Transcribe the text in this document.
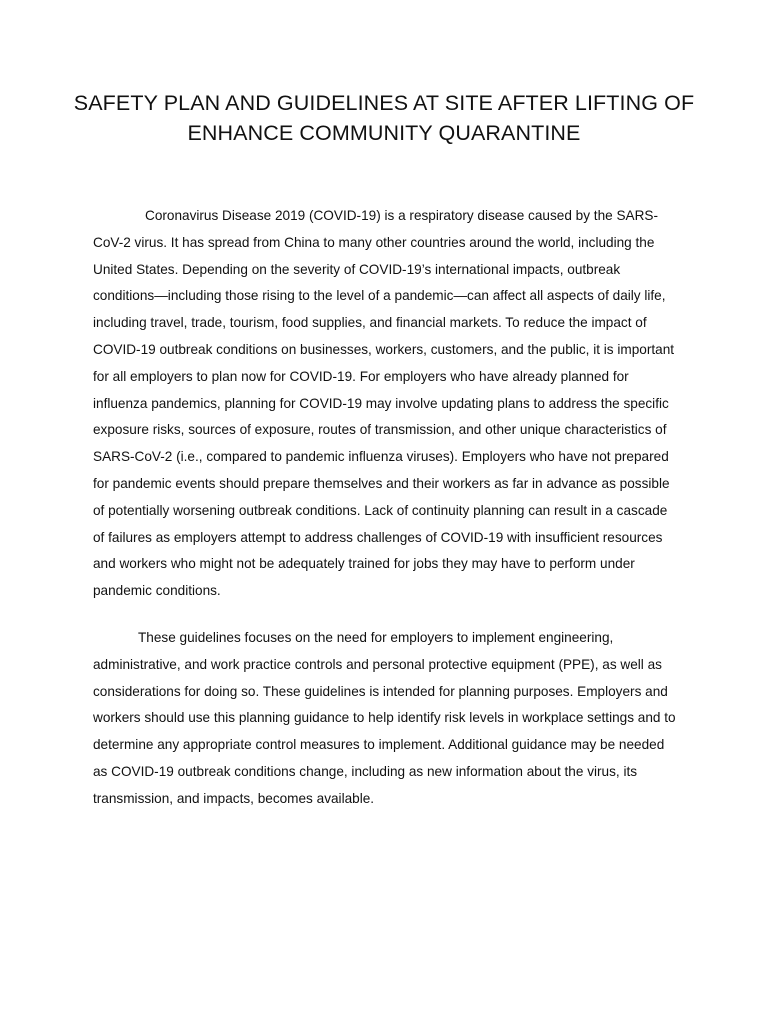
SAFETY PLAN AND GUIDELINES AT SITE AFTER LIFTING OF ENHANCE COMMUNITY QUARANTINE

Coronavirus Disease 2019 (COVID-19) is a respiratory disease caused by the SARS-CoV-2 virus. It has spread from China to many other countries around the world, including the United States. Depending on the severity of COVID-19’s international impacts, outbreak conditions—including those rising to the level of a pandemic—can affect all aspects of daily life, including travel, trade, tourism, food supplies, and financial markets. To reduce the impact of COVID-19 outbreak conditions on businesses, workers, customers, and the public, it is important for all employers to plan now for COVID-19. For employers who have already planned for influenza pandemics, planning for COVID-19 may involve updating plans to address the specific exposure risks, sources of exposure, routes of transmission, and other unique characteristics of SARS-CoV-2 (i.e., compared to pandemic influenza viruses). Employers who have not prepared for pandemic events should prepare themselves and their workers as far in advance as possible of potentially worsening outbreak conditions. Lack of continuity planning can result in a cascade of failures as employers attempt to address challenges of COVID-19 with insufficient resources and workers who might not be adequately trained for jobs they may have to perform under pandemic conditions.

These guidelines focuses on the need for employers to implement engineering, administrative, and work practice controls and personal protective equipment (PPE), as well as considerations for doing so. These guidelines is intended for planning purposes. Employers and workers should use this planning guidance to help identify risk levels in workplace settings and to determine any appropriate control measures to implement. Additional guidance may be needed as COVID-19 outbreak conditions change, including as new information about the virus, its transmission, and impacts, becomes available.
